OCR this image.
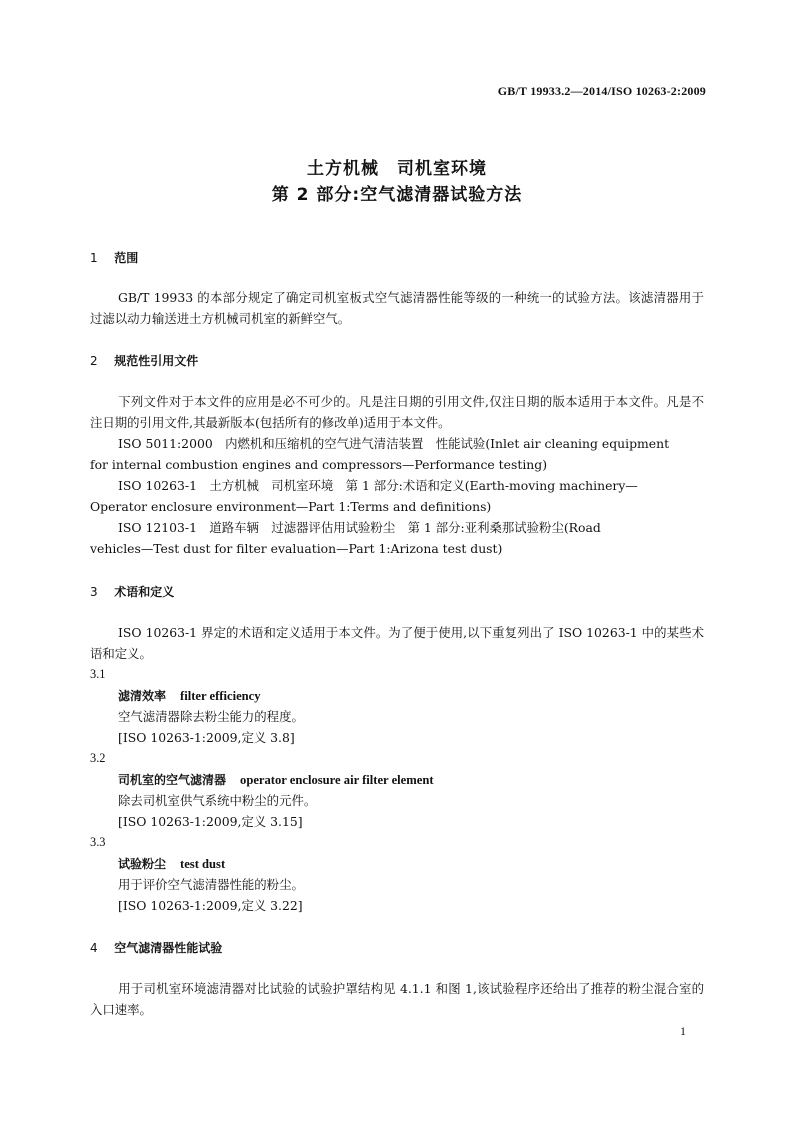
GB/T 19933.2—2014/ISO 10263-2:2009
土方机械　司机室环境
第 2 部分:空气滤清器试验方法
1 范围
GB/T 19933 的本部分规定了确定司机室板式空气滤清器性能等级的一种统一的试验方法。该滤清器用于过滤以动力输送进土方机械司机室的新鲜空气。
2 规范性引用文件
下列文件对于本文件的应用是必不可少的。凡是注日期的引用文件,仅注日期的版本适用于本文件。凡是不注日期的引用文件,其最新版本(包括所有的修改单)适用于本文件。
ISO 5011:2000　内燃机和压缩机的空气进气清洁装置　性能试验(Inlet air cleaning equipment
for internal combustion engines and compressors—Performance testing)
ISO 10263-1　土方机械　司机室环境　第 1 部分:术语和定义(Earth-moving machinery—
Operator enclosure environment—Part 1:Terms and definitions)
ISO 12103-1　道路车辆　过滤器评估用试验粉尘　第 1 部分:亚利桑那试验粉尘(Road
vehicles—Test dust for filter evaluation—Part 1:Arizona test dust)
3 术语和定义
ISO 10263-1 界定的术语和定义适用于本文件。为了便于使用,以下重复列出了 ISO 10263-1 中的某些术语和定义。
3.1
滤清效率 filter efficiency
空气滤清器除去粉尘能力的程度。
[ISO 10263-1:2009,定义 3.8]
3.2
司机室的空气滤清器 operator enclosure air filter element
除去司机室供气系统中粉尘的元件。
[ISO 10263-1:2009,定义 3.15]
3.3
试验粉尘 test dust
用于评价空气滤清器性能的粉尘。
[ISO 10263-1:2009,定义 3.22]
4 空气滤清器性能试验
用于司机室环境滤清器对比试验的试验护罩结构见 4.1.1 和图 1,该试验程序还给出了推荐的粉尘混合室的入口速率。
1
